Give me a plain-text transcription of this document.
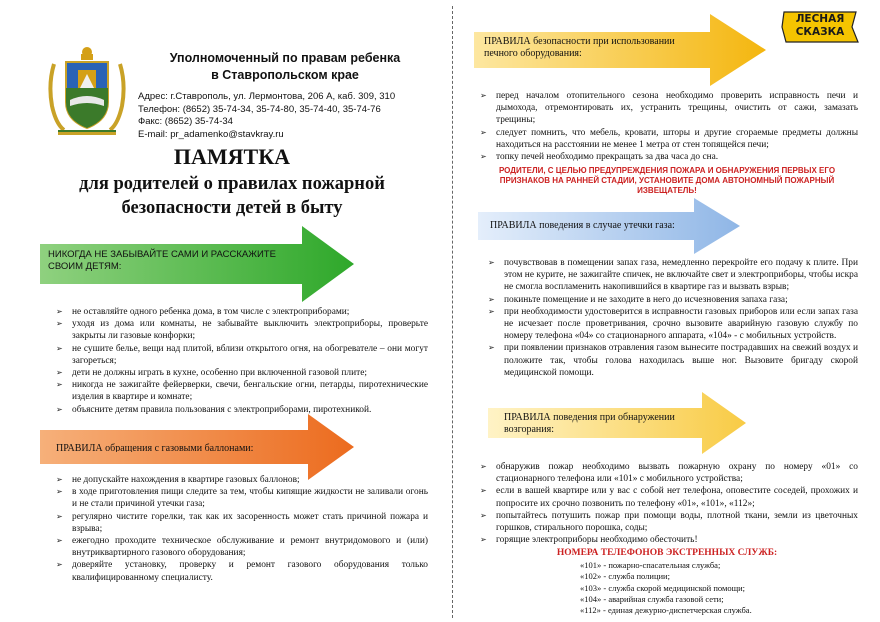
Уполномоченный по правам ребенка
в Ставропольском крае
Адрес: г.Ставрополь, ул. Лермонтова, 206 А, каб. 309, 310
Телефон: (8652) 35-74-34, 35-74-80, 35-74-40, 35-74-76
Факс: (8652) 35-74-34
E-mail: pr_adamenko@stavkray.ru
ПАМЯТКА
для родителей о правилах пожарной
безопасности детей в быту
НИКОГДА НЕ ЗАБЫВАЙТЕ САМИ И РАССКАЖИТЕ
СВОИМ ДЕТЯМ:
➢ не оставляйте одного ребенка дома, в том числе с электроприборами;
➢ уходя из дома или комнаты, не забывайте выключить электроприборы, проверьте закрыты ли газовые конфорки;
➢ не сушите белье, вещи над плитой, вблизи открытого огня, на обогревателе – они могут загореться;
➢ дети не должны играть в кухне, особенно при включенной газовой плите;
➢ никогда не зажигайте фейерверки, свечи, бенгальские огни, петарды, пиротехнические изделия в квартире и комнате;
➢ объясните детям правила пользования с электроприборами, пиротехникой.
ПРАВИЛА обращения с газовыми баллонами:
➢ не допускайте нахождения в квартире газовых баллонов;
➢ в ходе приготовления пищи следите за тем, чтобы кипящие жидкости не заливали огонь и не стали причиной утечки газа;
➢ регулярно чистите горелки, так как их засоренность может стать причиной пожара и взрыва;
➢ ежегодно проходите техническое обслуживание и ремонт внутридомового и (или) внутриквартирного газового оборудования;
➢ доверяйте установку, проверку и ремонт газового оборудования только квалифицированному специалисту.
ЛЕСНАЯ
СКАЗКА
ПРАВИЛА безопасности при использовании
печного оборудования:
➢ перед началом отопительного сезона необходимо проверить исправность печи и дымохода, отремонтировать их, устранить трещины, очистить от сажи, замазать трещины;
➢ следует помнить, что мебель, кровати, шторы и другие сгораемые предметы должны находиться на расстоянии не менее 1 метра от стен топящейся печи;
➢ топку печей необходимо прекращать за два часа до сна.
РОДИТЕЛИ, С ЦЕЛЬЮ ПРЕДУПРЕЖДЕНИЯ ПОЖАРА И ОБНАРУЖЕНИЯ ПЕРВЫХ ЕГО
ПРИЗНАКОВ НА РАННЕЙ СТАДИИ, УСТАНОВИТЕ ДОМА АВТОНОМНЫЙ ПОЖАРНЫЙ
ИЗВЕЩАТЕЛЬ!
ПРАВИЛА поведения в случае утечки газа:
➢ почувствовав в помещении запах газа, немедленно перекройте его подачу к плите. При этом не курите, не зажигайте спичек, не включайте свет и электроприборы, чтобы искра не смогла воспламенить накопившийся в квартире газ и вызвать взрыв;
➢ покиньте помещение и не заходите в него до исчезновения запаха газа;
➢ при необходимости удостоверится в исправности газовых приборов или если запах газа не исчезает после проветривания, срочно вызовите аварийную газовую службу по номеру телефона «04» со стационарного аппарата, «104» - с мобильных устройств.
➢ при появлении признаков отравления газом вынесите пострадавших на свежий воздух и положите так, чтобы голова находилась выше ног. Вызовите бригаду скорой медицинской помощи.
ПРАВИЛА поведения при обнаружении
возгорания:
➢ обнаружив пожар необходимо вызвать пожарную охрану по номеру «01» со стационарного телефона или «101» с мобильного устройства;
➢ если в вашей квартире или у вас с собой нет телефона, оповестите соседей, прохожих и попросите их срочно позвонить по телефону «01», «101», «112»;
➢ попытайтесь потушить пожар при помощи воды, плотной ткани, земли из цветочных горшков, стирального порошка, соды;
➢ горящие электроприборы необходимо обесточить!
НОМЕРА ТЕЛЕФОНОВ ЭКСТРЕННЫХ СЛУЖБ:
«101» - пожарно-спасательная служба;
«102» - служба полиции;
«103» - служба скорой медицинской помощи;
«104» - аварийная служба газовой сети;
«112» - единая дежурно-диспетчерская служба.
